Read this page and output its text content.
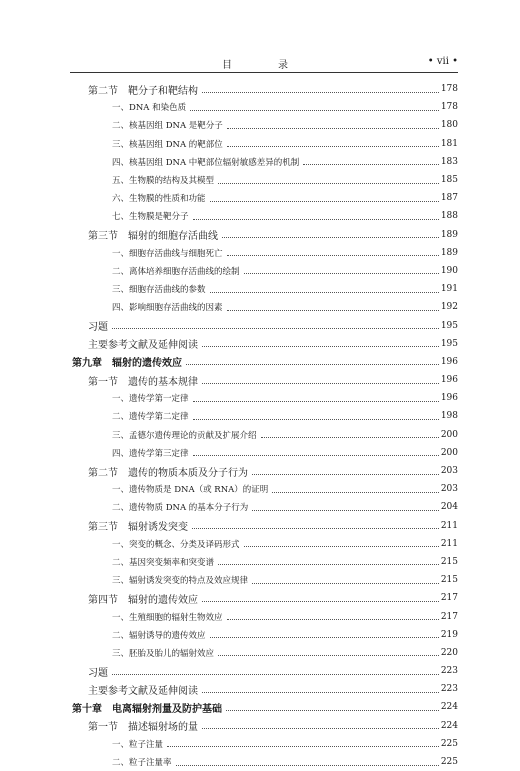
目　录	• vii •
第二节　靶分子和靶结构	178
一、DNA 和染色质	178
二、核基因组 DNA 是靶分子	180
三、核基因组 DNA 的靶部位	181
四、核基因组 DNA 中靶部位辐射敏感差异的机制	183
五、生物膜的结构及其模型	185
六、生物膜的性质和功能	187
七、生物膜是靶分子	188
第三节　辐射的细胞存活曲线	189
一、细胞存活曲线与细胞死亡	189
二、离体培养细胞存活曲线的绘制	190
三、细胞存活曲线的参数	191
四、影响细胞存活曲线的因素	192
习题	195
主要参考文献及延伸阅读	195
第九章　辐射的遗传效应	196
第一节　遗传的基本规律	196
一、遗传学第一定律	196
二、遗传学第二定律	198
三、孟德尔遗传理论的贡献及扩展介绍	200
四、遗传学第三定律	200
第二节　遗传的物质本质及分子行为	203
一、遗传物质是 DNA（或 RNA）的证明	203
二、遗传物质 DNA 的基本分子行为	204
第三节　辐射诱发突变	211
一、突变的概念、分类及译码形式	211
二、基因突变频率和突变谱	215
三、辐射诱发突变的特点及效应规律	215
第四节　辐射的遗传效应	217
一、生殖细胞的辐射生物效应	217
二、辐射诱导的遗传效应	219
三、胚胎及胎儿的辐射效应	220
习题	223
主要参考文献及延伸阅读	223
第十章　电离辐射剂量及防护基础	224
第一节　描述辐射场的量	224
一、粒子注量	225
二、粒子注量率	225
